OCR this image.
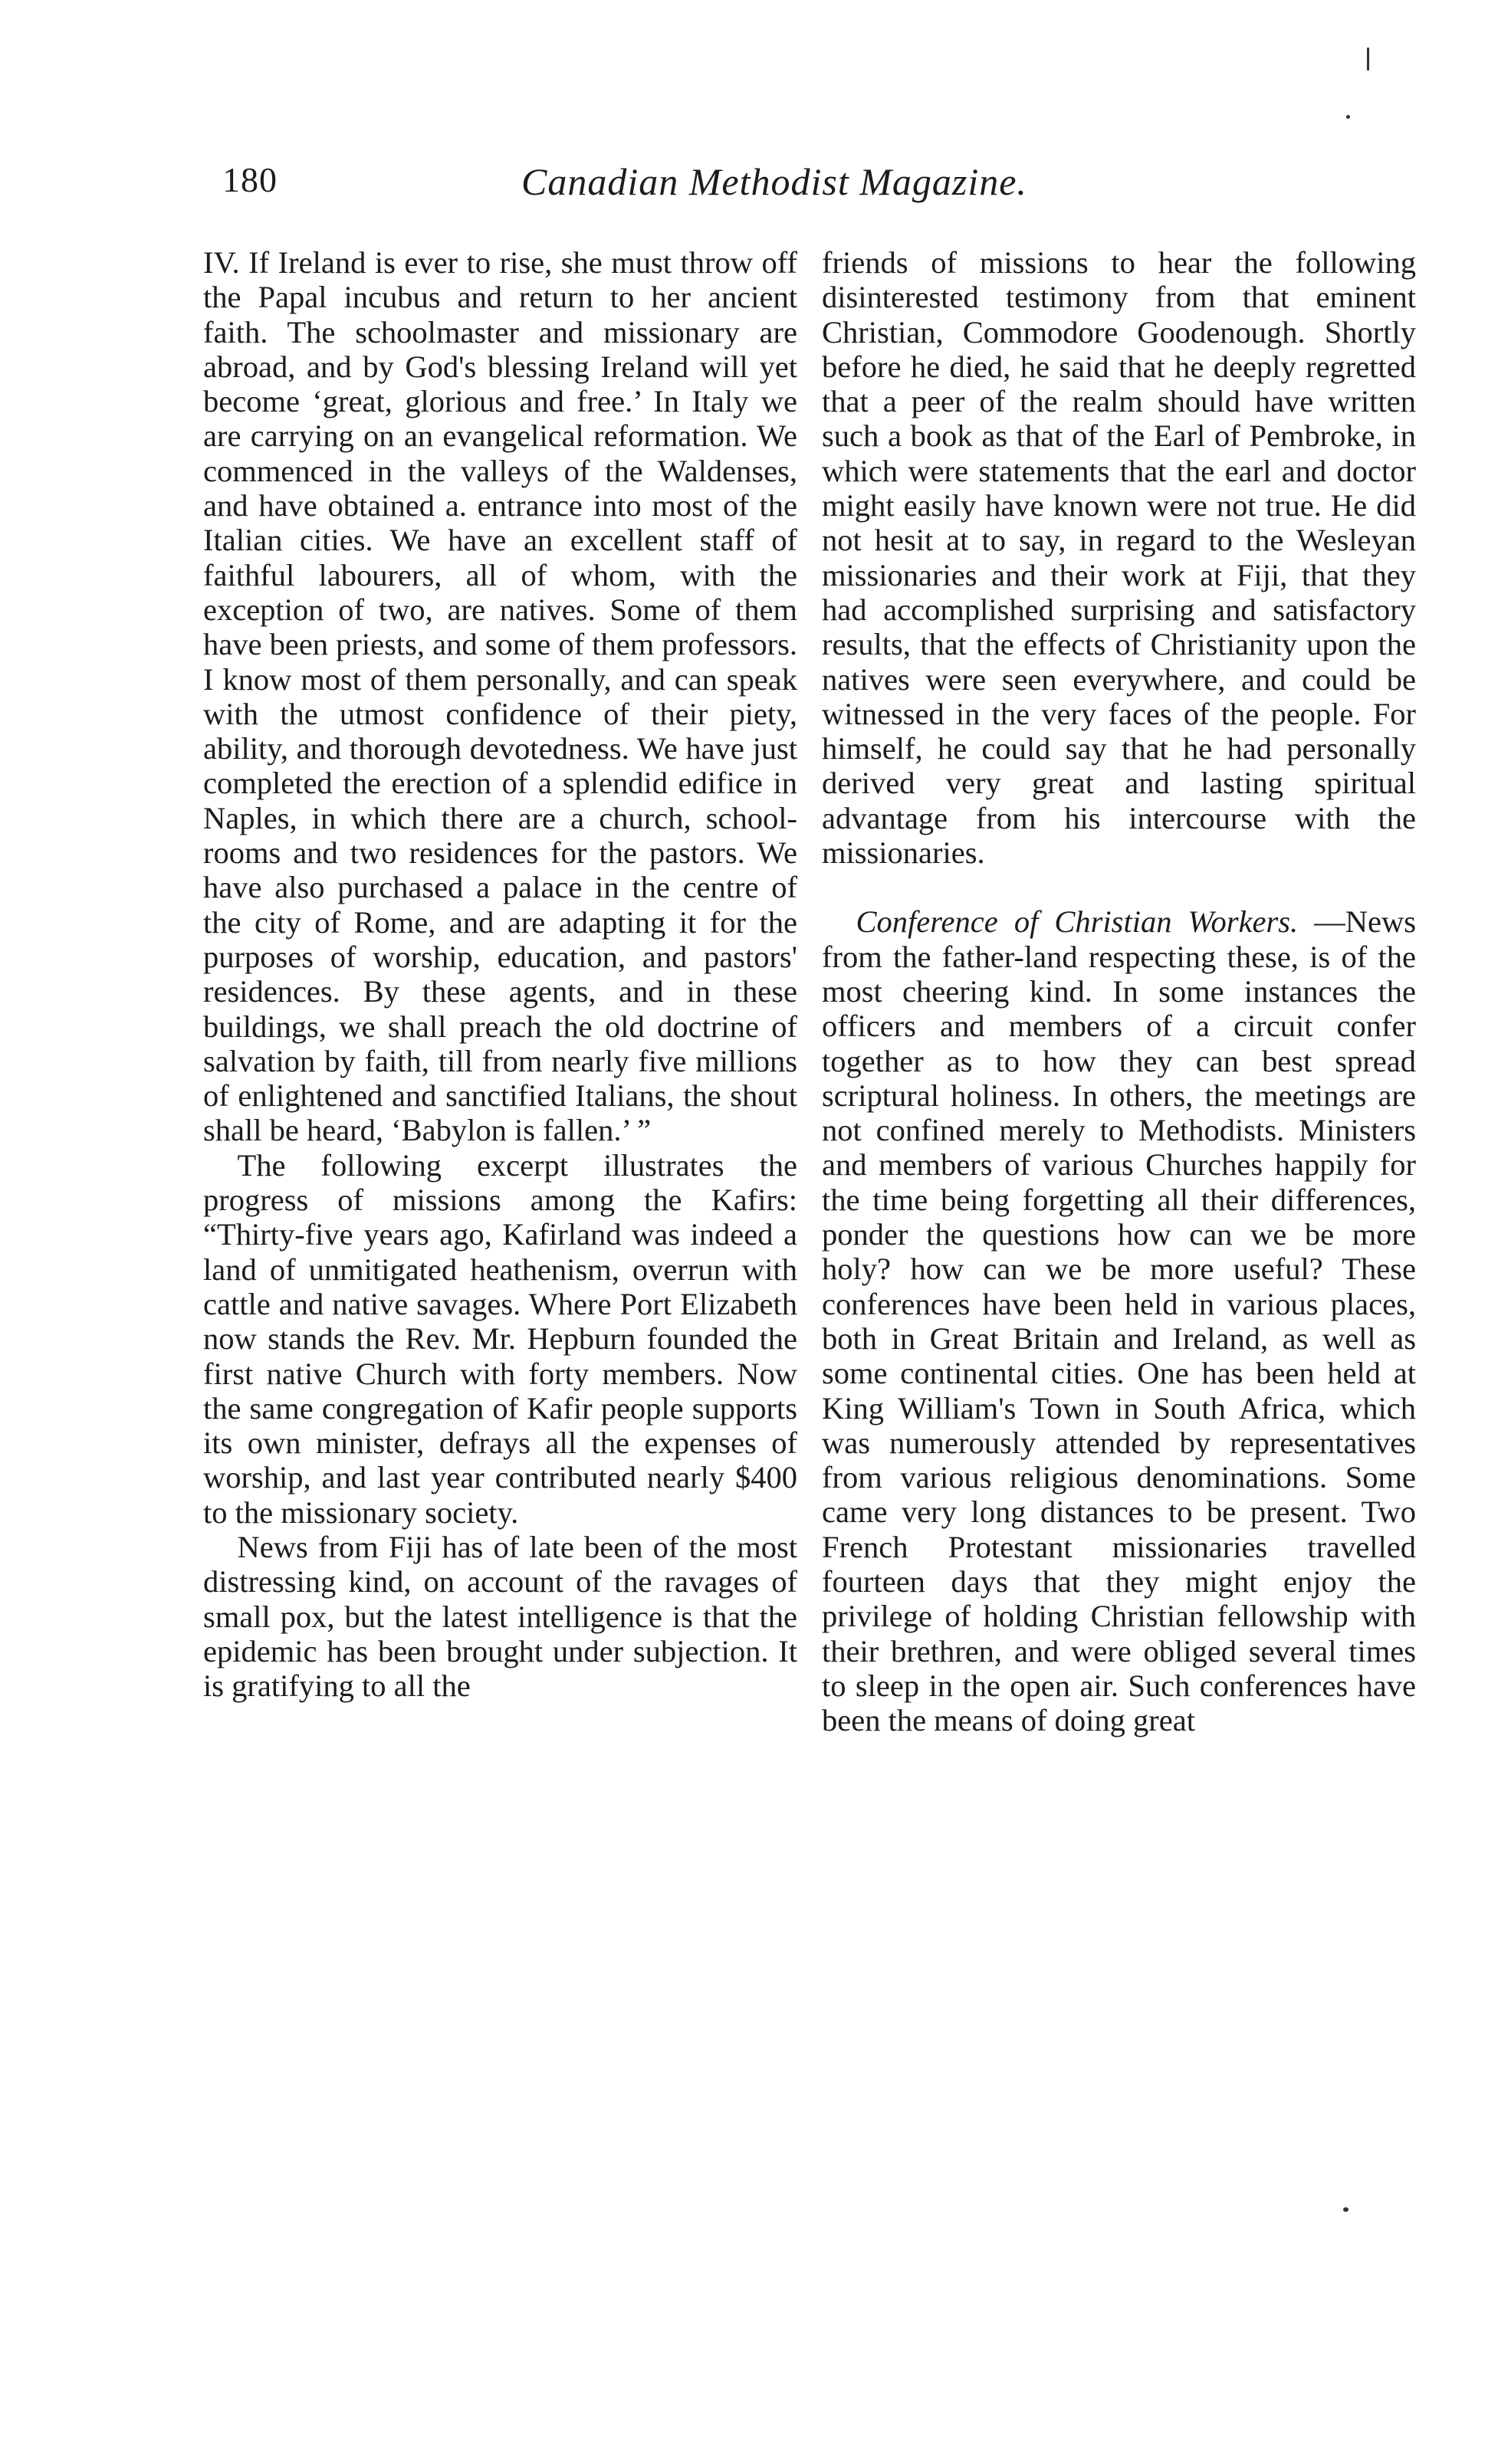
180	Canadian Methodist Magazine.

IV. If Ireland is ever to rise, she must throw off the Papal incubus and return to her ancient faith. The schoolmaster and missionary are abroad, and by God's blessing Ireland will yet become ‘great, glorious and free.’ In Italy we are carrying on an evangelical reformation. We commenced in the valleys of the Waldenses, and have obtained a. entrance into most of the Italian cities. We have an excellent staff of faithful labourers, all of whom, with the exception of two, are natives. Some of them have been priests, and some of them professors. I know most of them personally, and can speak with the utmost confidence of their piety, ability, and thorough devotedness. We have just completed the erection of a splendid edifice in Naples, in which there are a church, school-rooms and two residences for the pastors. We have also purchased a palace in the centre of the city of Rome, and are adapting it for the purposes of worship, education, and pastors' residences. By these agents, and in these buildings, we shall preach the old doctrine of salvation by faith, till from nearly five millions of enlightened and sanctified Italians, the shout shall be heard, ‘Babylon is fallen.’ ”

The following excerpt illustrates the progress of missions among the Kafirs: “Thirty-five years ago, Kafirland was indeed a land of unmitigated heathenism, overrun with cattle and native savages. Where Port Elizabeth now stands the Rev. Mr. Hepburn founded the first native Church with forty members. Now the same congregation of Kafir people supports its own minister, defrays all the expenses of worship, and last year contributed nearly $400 to the missionary society.

News from Fiji has of late been of the most distressing kind, on account of the ravages of small pox, but the latest intelligence is that the epidemic has been brought under subjection. It is gratifying to all the

friends of missions to hear the following disinterested testimony from that eminent Christian, Commodore Goodenough. Shortly before he died, he said that he deeply regretted that a peer of the realm should have written such a book as that of the Earl of Pembroke, in which were statements that the earl and doctor might easily have known were not true. He did not hesit at to say, in regard to the Wesleyan missionaries and their work at Fiji, that they had accomplished surprising and satisfactory results, that the effects of Christianity upon the natives were seen everywhere, and could be witnessed in the very faces of the people. For himself, he could say that he had personally derived very great and lasting spiritual advantage from his intercourse with the missionaries.

Conference of Christian Workers. —News from the father-land respecting these, is of the most cheering kind. In some instances the officers and members of a circuit confer together as to how they can best spread scriptural holiness. In others, the meetings are not confined merely to Methodists. Ministers and members of various Churches happily for the time being forgetting all their differences, ponder the questions how can we be more holy? how can we be more useful? These conferences have been held in various places, both in Great Britain and Ireland, as well as some continental cities. One has been held at King William's Town in South Africa, which was numerously attended by representatives from various religious denominations. Some came very long distances to be present. Two French Protestant missionaries travelled fourteen days that they might enjoy the privilege of holding Christian fellowship with their brethren, and were obliged several times to sleep in the open air. Such conferences have been the means of doing great
